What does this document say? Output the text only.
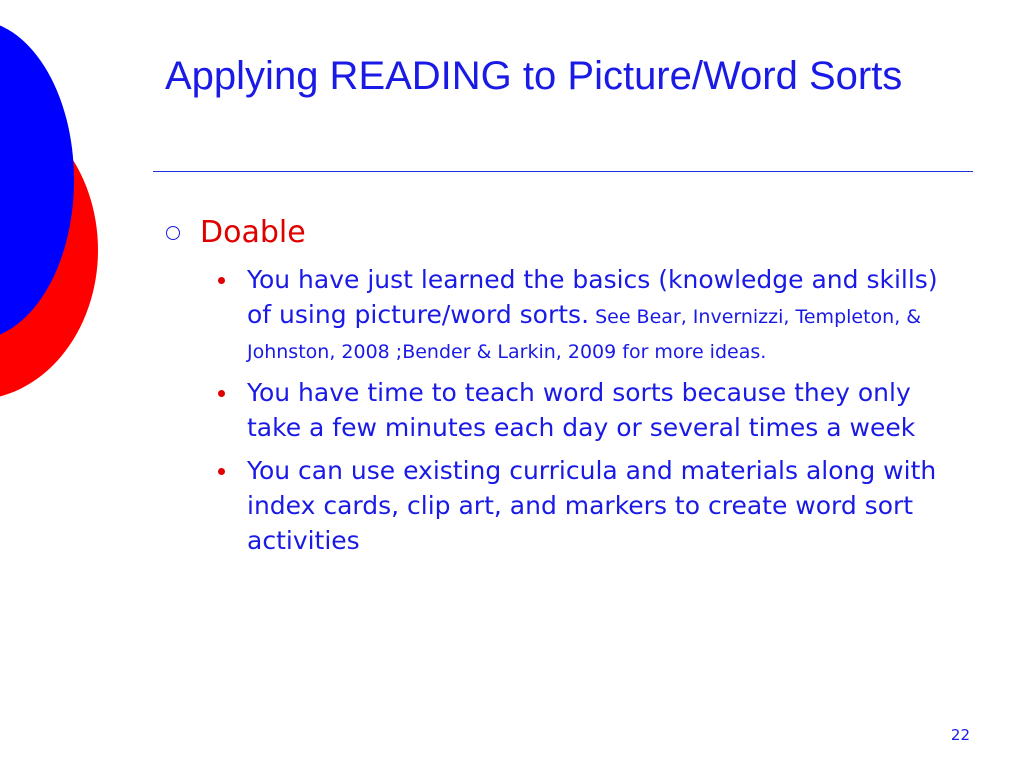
Applying READING to Picture/Word Sorts
Doable
You have just learned the basics (knowledge and skills) of using picture/word sorts. See Bear, Invernizzi, Templeton, & Johnston, 2008 ;Bender & Larkin, 2009 for more ideas.
You have time to teach word sorts because they only take a few minutes each day or several times a week
You can use existing curricula and materials along with index cards, clip art, and markers to create word sort activities
22
